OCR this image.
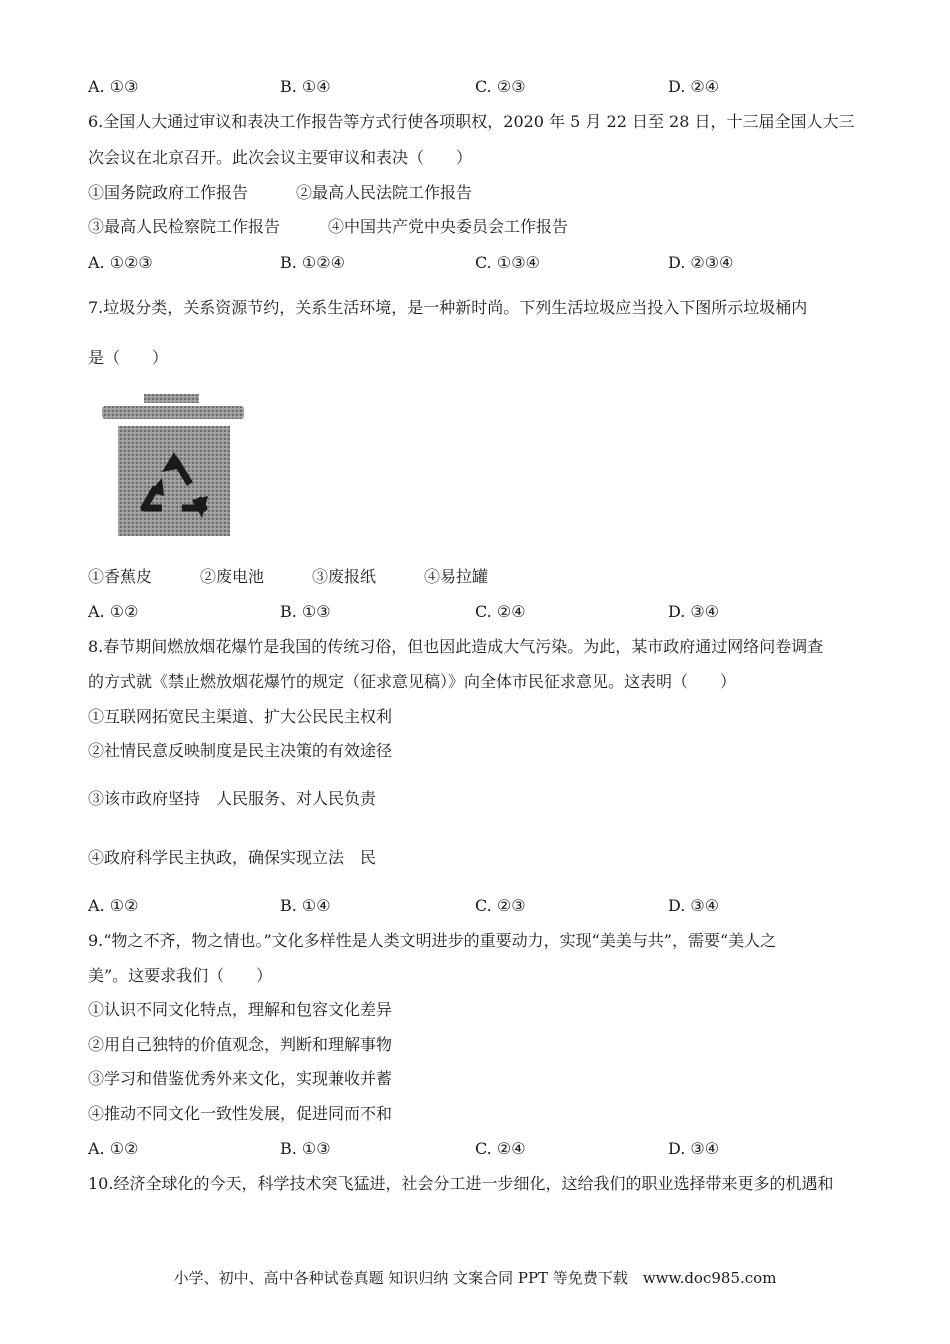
A. ①③	B. ①④	C. ②③	D. ②④
6.全国人大通过审议和表决工作报告等方式行使各项职权，2020 年 5 月 22 日至 28 日，十三届全国人大三
次会议在北京召开。此次会议主要审议和表决（　　）
①国务院政府工作报告　　　②最高人民法院工作报告
③最高人民检察院工作报告　　　④中国共产党中央委员会工作报告
A. ①②③	B. ①②④	C. ①③④	D. ②③④
7.垃圾分类，关系资源节约，关系生活环境，是一种新时尚。下列生活垃圾应当投入下图所示垃圾桶内
是（　　）
①香蕉皮　　　②废电池　　　③废报纸　　　④易拉罐
A. ①②	B. ①③	C. ②④	D. ③④
8.春节期间燃放烟花爆竹是我国的传统习俗，但也因此造成大气污染。为此，某市政府通过网络问卷调查
的方式就《禁止燃放烟花爆竹的规定（征求意见稿）》向全体市民征求意见。这表明（　　）
①互联网拓宽民主渠道、扩大公民民主权利
②社情民意反映制度是民主决策的有效途径
③该市政府坚持　人民服务、对人民负责
④政府科学民主执政，确保实现立法　民
A. ①②	B. ①④	C. ②③	D. ③④
9.“物之不齐，物之情也。”文化多样性是人类文明进步的重要动力，实现“美美与共”，需要“美人之
美”。这要求我们（　　）
①认识不同文化特点，理解和包容文化差异
②用自己独特的价值观念，判断和理解事物
③学习和借鉴优秀外来文化，实现兼收并蓄
④推动不同文化一致性发展，促进同而不和
A. ①②	B. ①③	C. ②④	D. ③④
10.经济全球化的今天，科学技术突飞猛进，社会分工进一步细化，这给我们的职业选择带来更多的机遇和
小学、初中、高中各种试卷真题 知识归纳 文案合同 PPT 等免费下载　www.doc985.com
